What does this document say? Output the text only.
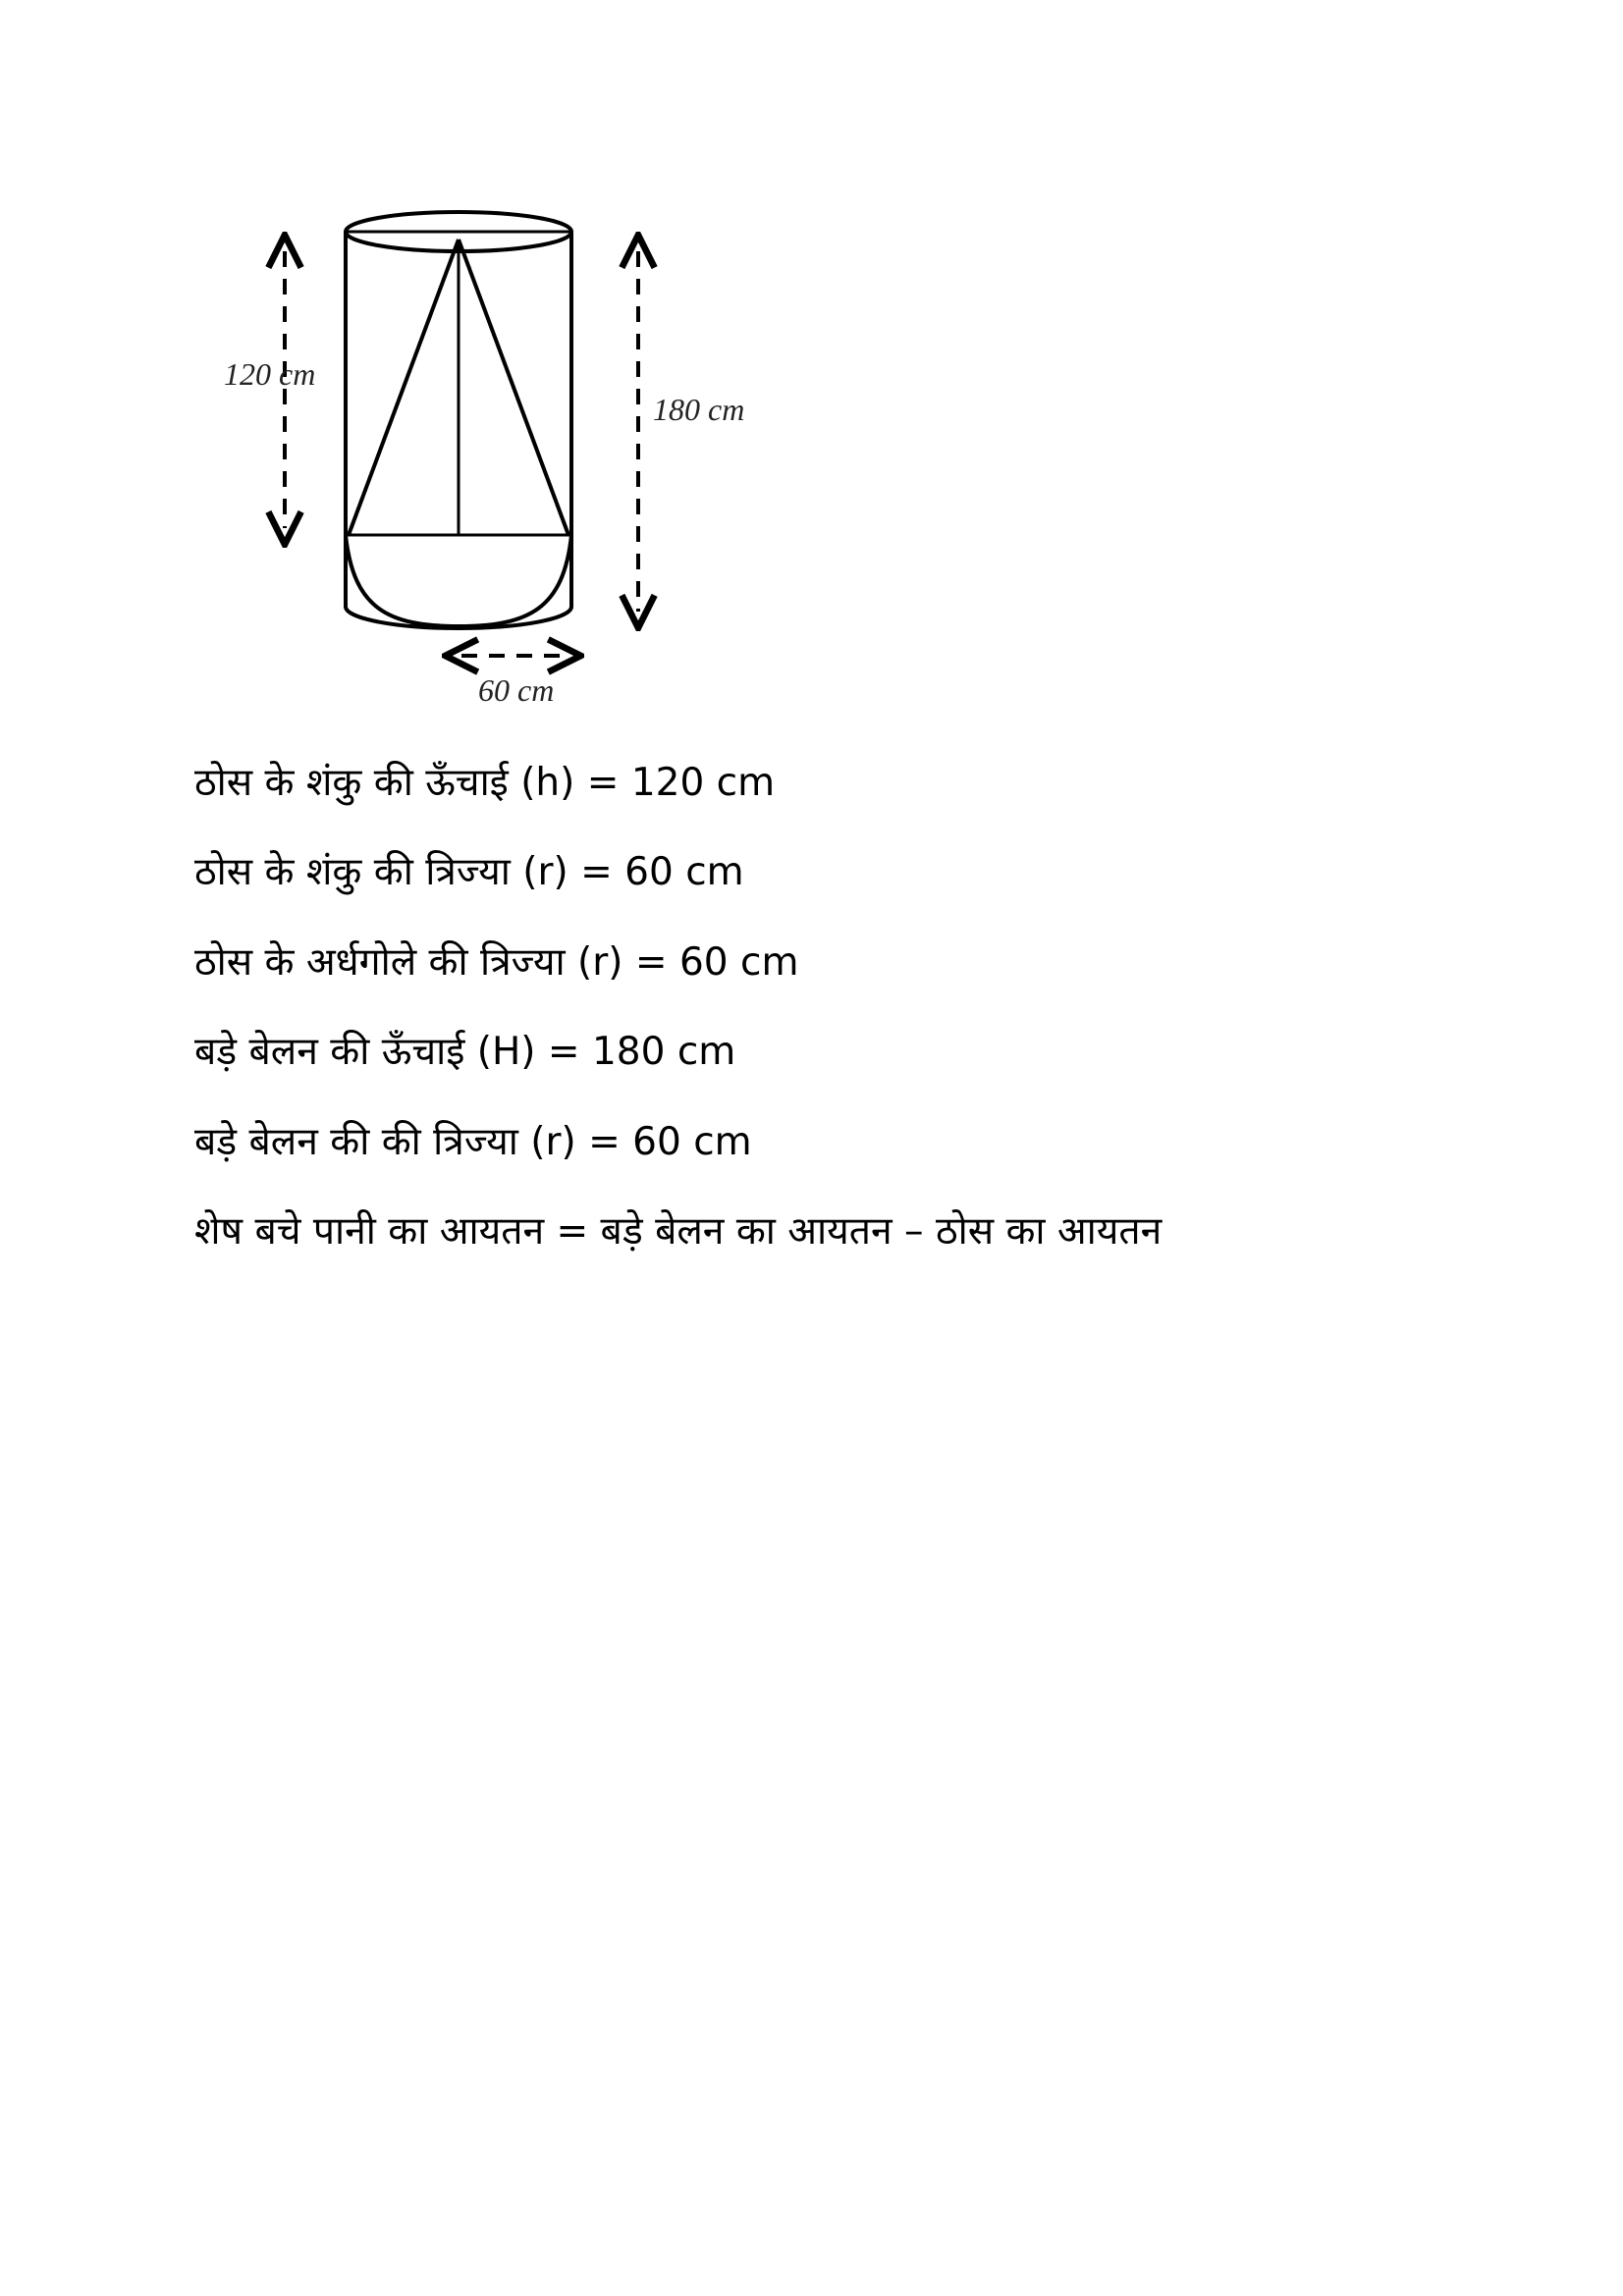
120 cm
180 cm
60 cm
ठोस के शंकु की ऊँचाई (h) = 120 cm
ठोस के शंकु की त्रिज्या (r) = 60 cm
ठोस के अर्धगोले की त्रिज्या (r) = 60 cm
बड़े बेलन की ऊँचाई (H) = 180 cm
बड़े बेलन की की त्रिज्या (r) = 60 cm
शेष बचे पानी का आयतन = बड़े बेलन का आयतन – ठोस का आयतन
